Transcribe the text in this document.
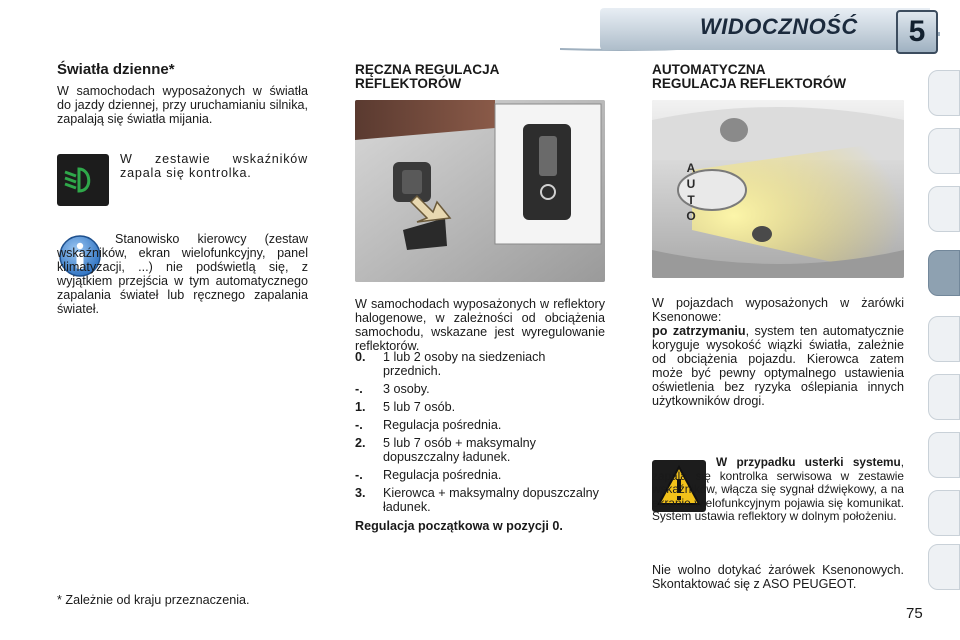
WIDOCZNOŚĆ	5
Światła dzienne*

W samochodach wyposażonych w światła do jazdy dziennej, przy uruchamianiu silnika, zapalają się światła mijania.

W zestawie wskaźników zapala się kontrolka.

Stanowisko kierowcy (zestaw wskaźników, ekran wielofunkcyjny, panel klimatyzacji, ...) nie podświetlą się, z wyjątkiem przejścia w tym automatycznego zapalania świateł lub ręcznego zapalania świateł.

* Zależnie od kraju przeznaczenia.
RĘCZNA REGULACJA
REFLEKTORÓW

W samochodach wyposażonych w reflektory halogenowe, w zależności od obciążenia samochodu, wskazane jest wyregulowanie reflektorów.

0.	1 lub 2 osoby na siedzeniach przednich.
-.	3 osoby.
1.	5 lub 7 osób.
-.	Regulacja pośrednia.
2.	5 lub 7 osób + maksymalny dopuszczalny ładunek.
-.	Regulacja pośrednia.
3.	Kierowca + maksymalny dopuszczalny ładunek.
Regulacja początkowa w pozycji 0.
AUTOMATYCZNA
REGULACJA REFLEKTORÓW
A
U
T
O

W pojazdach wyposażonych w żarówki Ksenonowe:

po zatrzymaniu, system ten automatycznie koryguje wysokość wiązki światła, zależnie od obciążenia pojazdu. Kierowca zatem może być pewny optymalnego ustawienia oświetlenia bez ryzyka oślepiania innych użytkowników drogi.

W przypadku usterki systemu, zapala się kontrolka serwisowa w zestawie wskaźników, włącza się sygnał dźwiękowy, a na ekranie wielofunkcyjnym pojawia się komunikat. System ustawia reflektory w dolnym położeniu.

Nie wolno dotykać żarówek Ksenonowych. Skontaktować się z ASO PEUGEOT.

75
